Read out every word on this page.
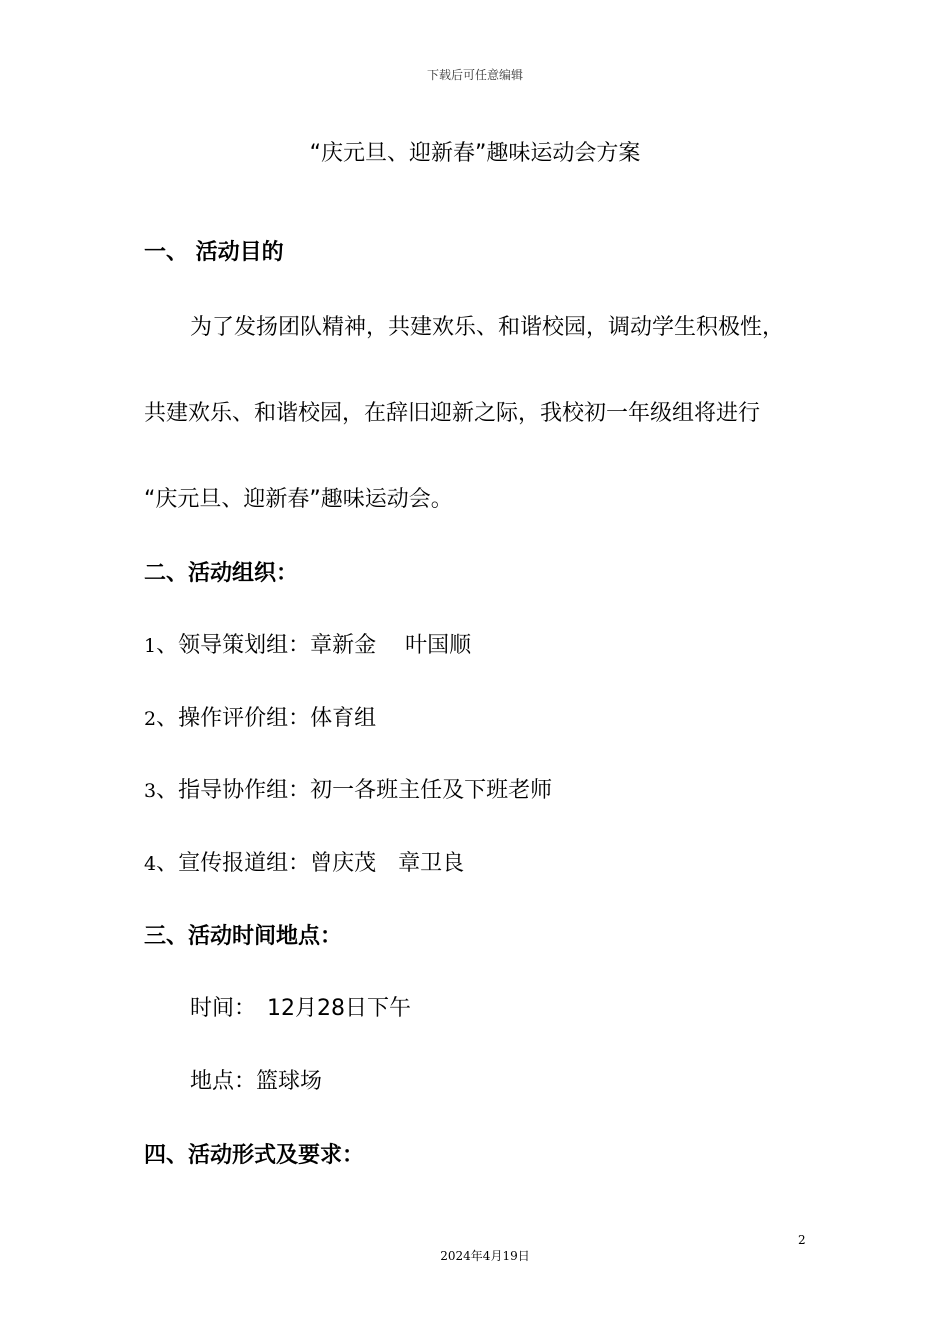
下载后可任意编辑
“庆元旦、迎新春”趣味运动会方案
一、 活动目的
为了发扬团队精神，共建欢乐、和谐校园，调动学生积极性，
共建欢乐、和谐校园，在辞旧迎新之际，我校初一年级组将进行
“庆元旦、迎新春”趣味运动会。
二、活动组织：
1、领导策划组：章新金　 叶国顺
2、操作评价组：体育组
3、指导协作组：初一各班主任及下班老师
4、宣传报道组：曾庆茂　章卫良
三、活动时间地点：
时间：　12月28日下午
地点：篮球场
四、活动形式及要求：
2
2024年4月19日
